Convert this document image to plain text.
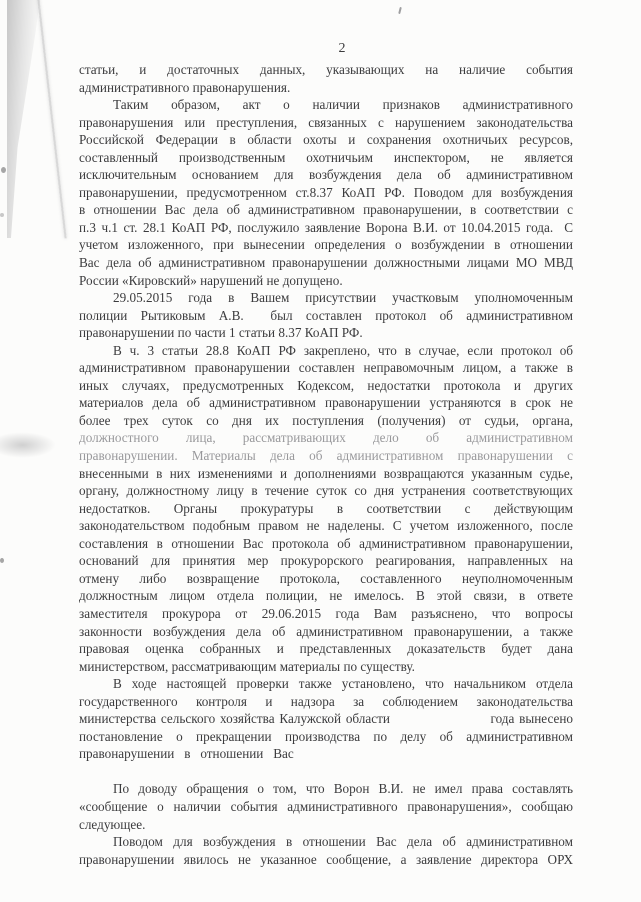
2
статьи, и достаточных данных, указывающих на наличие события
административного правонарушения.
Таким образом, акт о наличии признаков административного
правонарушения или преступления, связанных с нарушением законодательства
Российской Федерации в области охоты и сохранения охотничьих ресурсов,
составленный производственным охотничьим инспектором, не является
исключительным основанием для возбуждения дела об административном
правонарушении, предусмотренном ст.8.37 КоАП РФ. Поводом для возбуждения
в отношении Вас дела об административном правонарушении, в соответствии с
п.3 ч.1 ст. 28.1 КоАП РФ, послужило заявление Ворона В.И. от 10.04.2015 года.  С
учетом изложенного, при вынесении определения о возбуждении в отношении
Вас дела об административном правонарушении должностными лицами МО МВД
России «Кировский» нарушений не допущено.
29.05.2015 года в Вашем присутствии участковым уполномоченным
полиции Рытиковым А.В.  был составлен протокол об административном
правонарушении по части 1 статьи 8.37 КоАП РФ.
В ч. 3 статьи 28.8 КоАП РФ закреплено, что в случае, если протокол об
административном правонарушении составлен неправомочным лицом, а также в
иных случаях, предусмотренных Кодексом, недостатки протокола и других
материалов дела об административном правонарушении устраняются в срок не
более трех суток со дня их поступления (получения) от судьи, органа,
должностного лица, рассматривающих дело об административном
правонарушении. Материалы дела об административном правонарушении с
внесенными в них изменениями и дополнениями возвращаются указанным судье,
органу, должностному лицу в течение суток со дня устранения соответствующих
недостатков. Органы прокуратуры в соответствии с действующим
законодательством подобным правом не наделены. С учетом изложенного, после
составления в отношении Вас протокола об административном правонарушении,
оснований для принятия мер прокурорского реагирования, направленных на
отмену либо возвращение протокола, составленного неуполномоченным
должностным лицом отдела полиции, не имелось. В этой связи, в ответе
заместителя прокурора от 29.06.2015 года Вам разъяснено, что вопросы
законности возбуждения дела об административном правонарушении, а также
правовая оценка собранных и представленных доказательств будет дана
министерством, рассматривающим материалы по существу.
В ходе настоящей проверки также установлено, что начальником отдела
государственного контроля и надзора за соблюдением законодательства
министерства сельского хозяйства Калужской области                     года вынесено
постановление о прекращении производства по делу об административном
правонарушении   в   отношении   Вас
По доводу обращения о том, что Ворон В.И. не имел права составлять
«сообщение о наличии события административного правонарушения», сообщаю
следующее.
Поводом для возбуждения в отношении Вас дела об административном
правонарушении явилось не указанное сообщение, а заявление директора ОРХ
